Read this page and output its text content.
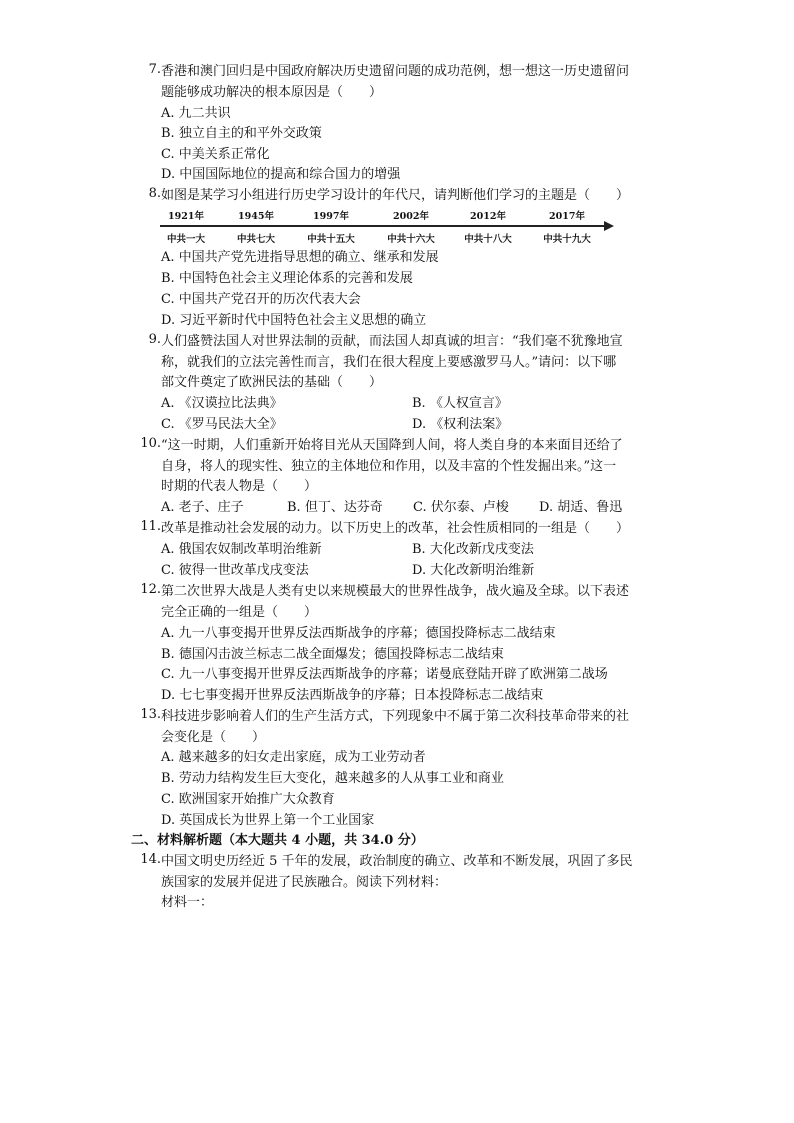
7. 香港和澳门回归是中国政府解决历史遗留问题的成功范例，想一想这一历史遗留问
题能够成功解决的根本原因是（　　）
A. 九二共识
B. 独立自主的和平外交政策
C. 中美关系正常化
D. 中国国际地位的提高和综合国力的增强
8. 如图是某学习小组进行历史学习设计的年代尺，请判断他们学习的主题是（　　）
1921年	1945年	1997年	2002年	2012年	2017年
中共一大	中共七大	中共十五大	中共十六大	中共十八大	中共十九大
A. 中国共产党先进指导思想的确立、继承和发展
B. 中国特色社会主义理论体系的完善和发展
C. 中国共产党召开的历次代表大会
D. 习近平新时代中国特色社会主义思想的确立
9. 人们盛赞法国人对世界法制的贡献，而法国人却真诚的坦言：“我们毫不犹豫地宣
称，就我们的立法完善性而言，我们在很大程度上要感激罗马人。”请问：以下哪
部文件奠定了欧洲民法的基础（　　）
A. 《汉谟拉比法典》	B. 《人权宣言》
C. 《罗马民法大全》	D. 《权利法案》
10. “这一时期，人们重新开始将目光从天国降到人间，将人类自身的本来面目还给了
自身，将人的现实性、独立的主体地位和作用，以及丰富的个性发掘出来。”这一
时期的代表人物是（　　）
A. 老子、庄子	B. 但丁、达芬奇 C. 伏尔泰、卢梭 D. 胡适、鲁迅
11. 改革是推动社会发展的动力。以下历史上的改革，社会性质相同的一组是（　　）
A. 俄国农奴制改革明治维新	B. 大化改新戊戌变法
C. 彼得一世改革戊戌变法	D. 大化改新明治维新
12. 第二次世界大战是人类有史以来规模最大的世界性战争，战火遍及全球。以下表述
完全正确的一组是（　　）
A. 九一八事变揭开世界反法西斯战争的序幕；德国投降标志二战结束
B. 德国闪击波兰标志二战全面爆发；德国投降标志二战结束
C. 九一八事变揭开世界反法西斯战争的序幕；诺曼底登陆开辟了欧洲第二战场
D. 七七事变揭开世界反法西斯战争的序幕；日本投降标志二战结束
13. 科技进步影响着人们的生产生活方式，下列现象中不属于第二次科技革命带来的社
会变化是（　　）
A. 越来越多的妇女走出家庭，成为工业劳动者
B. 劳动力结构发生巨大变化，越来越多的人从事工业和商业
C. 欧洲国家开始推广大众教育
D. 英国成长为世界上第一个工业国家
二、材料解析题（本大题共 4 小题，共 34.0 分）
14. 中国文明史历经近 5 千年的发展，政治制度的确立、改革和不断发展，巩固了多民
族国家的发展并促进了民族融合。阅读下列材料：
材料一：
